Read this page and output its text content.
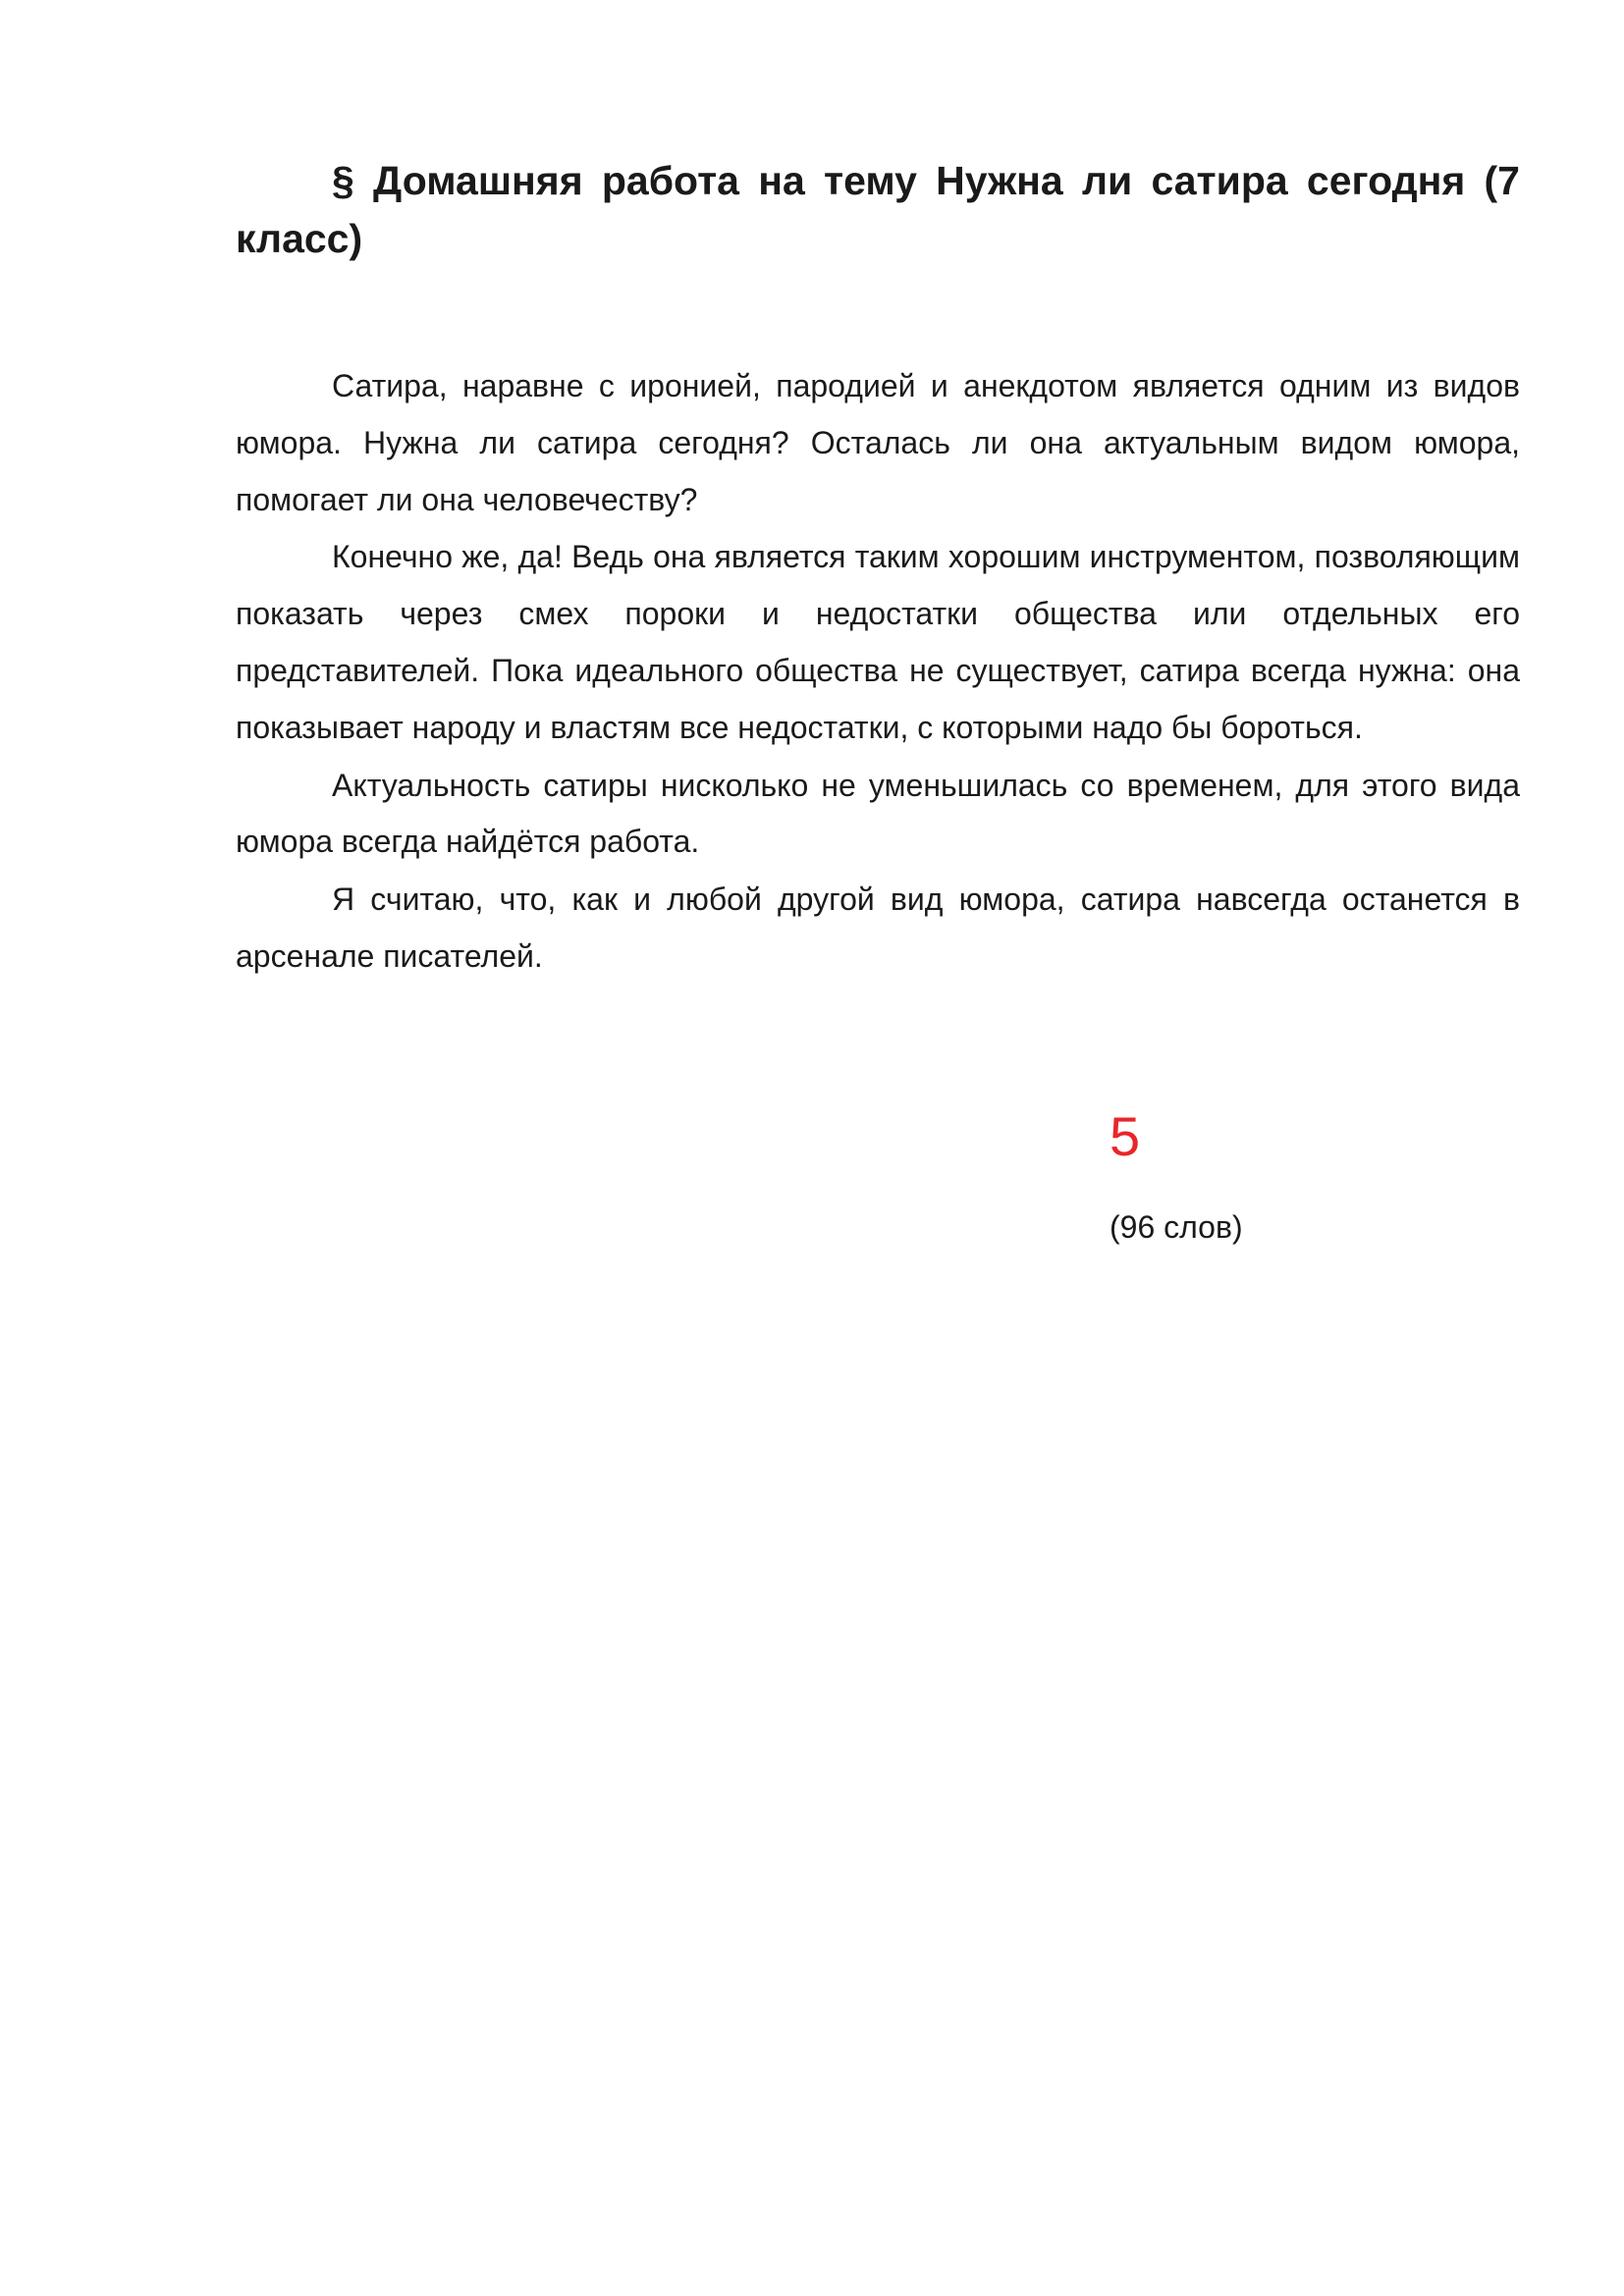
§ Домашняя работа на тему Нужна ли сатира сегодня (7 класс)

Сатира, наравне с иронией, пародией и анекдотом является одним из видов юмора. Нужна ли сатира сегодня? Осталась ли она актуальным видом юмора, помогает ли она человечеству?

Конечно же, да! Ведь она является таким хорошим инструментом, позволяющим показать через смех пороки и недостатки общества или отдельных его представителей. Пока идеального общества не существует, сатира всегда нужна: она показывает народу и властям все недостатки, с которыми надо бы бороться.

Актуальность сатиры нисколько не уменьшилась со временем, для этого вида юмора всегда найдётся работа.

Я считаю, что, как и любой другой вид юмора, сатира навсегда останется в арсенале писателей.

5
(96 слов)
